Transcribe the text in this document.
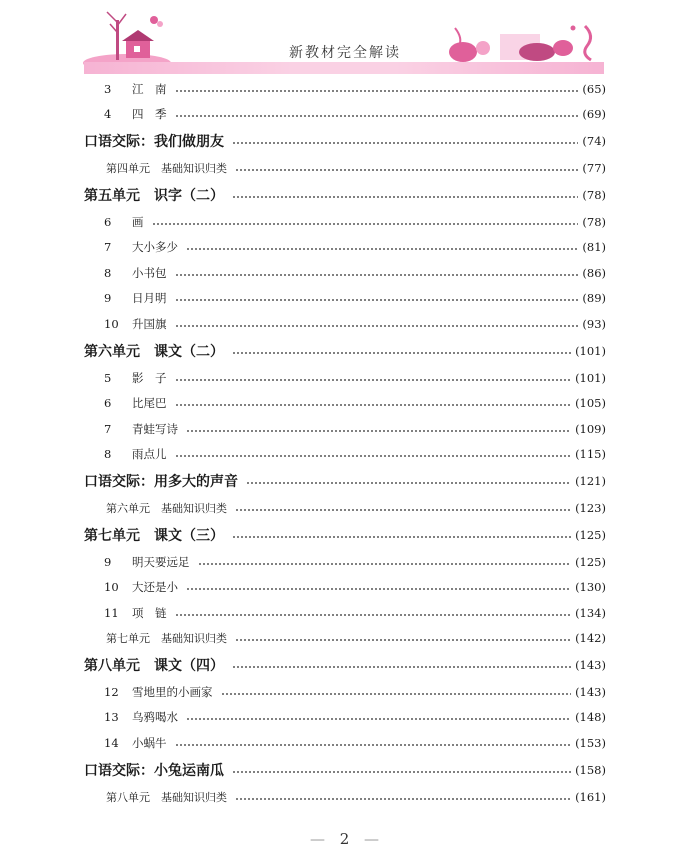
新教材完全解读
3	江　南	(65)
4	四　季	(69)
口语交际：我们做朋友	(74)
第四单元　基础知识归类	(77)
第五单元　识字（二）	(78)
6	画	(78)
7	大小多少	(81)
8	小书包	(86)
9	日月明	(89)
10	升国旗	(93)
第六单元　课文（二）	(101)
5	影　子	(101)
6	比尾巴	(105)
7	青蛙写诗	(109)
8	雨点儿	(115)
口语交际：用多大的声音	(121)
第六单元　基础知识归类	(123)
第七单元　课文（三）	(125)
9	明天要远足	(125)
10	大还是小	(130)
11	项　链	(134)
第七单元　基础知识归类	(142)
第八单元　课文（四）	(143)
12	雪地里的小画家	(143)
13	乌鸦喝水	(148)
14	小蜗牛	(153)
口语交际：小兔运南瓜	(158)
第八单元　基础知识归类	(161)
— 2 —
